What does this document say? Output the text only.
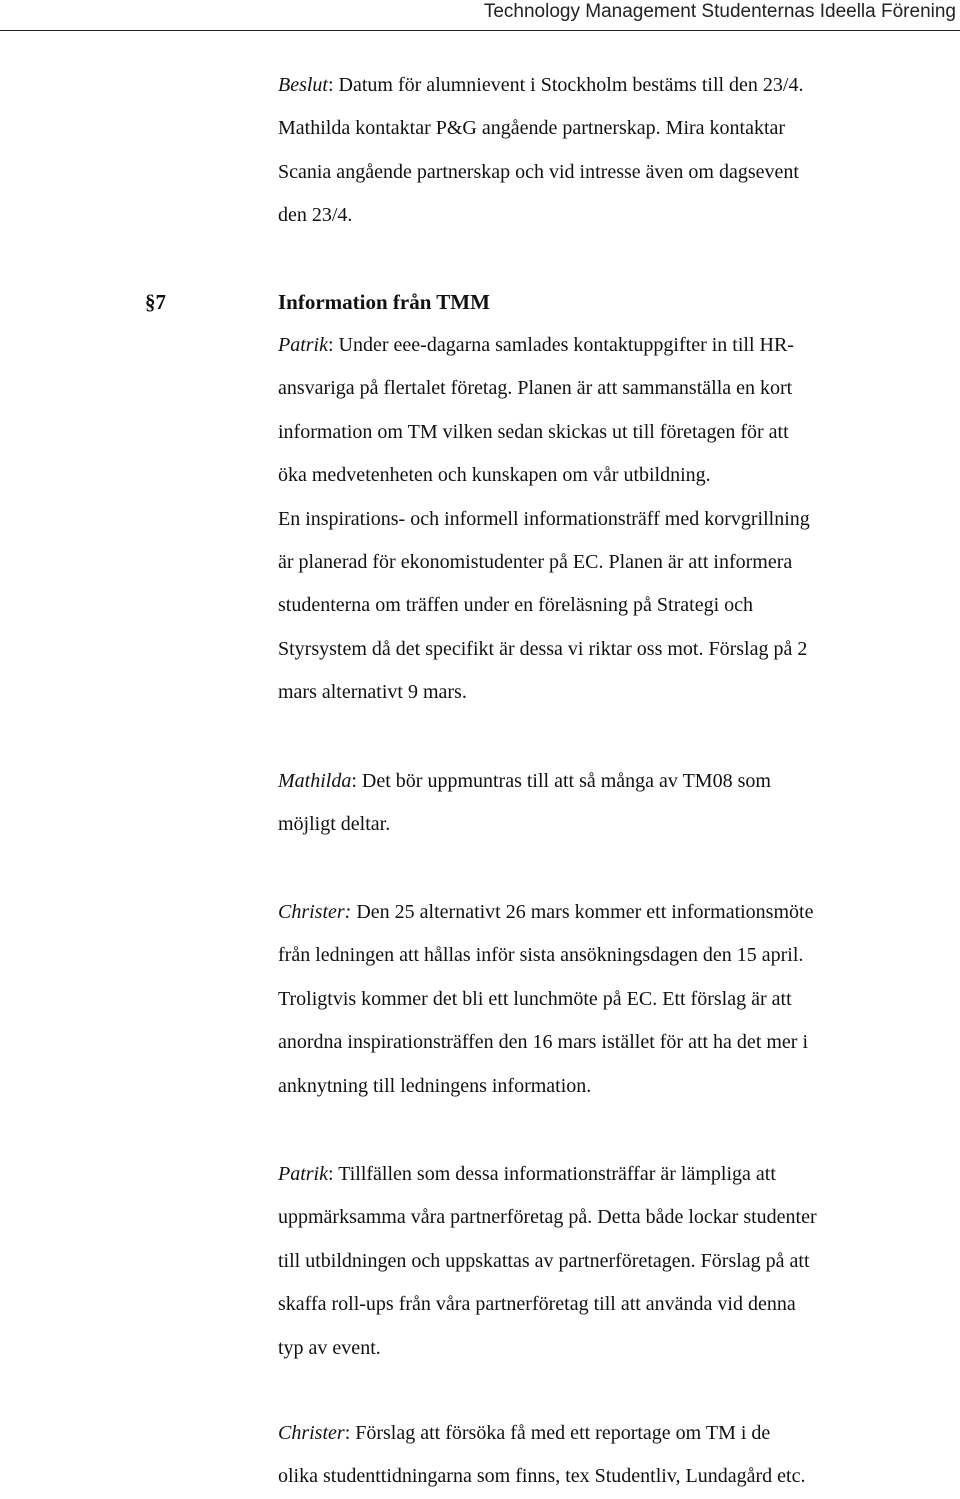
Technology Management Studenternas Ideella Förening
Beslut: Datum för alumnievent i Stockholm bestäms till den 23/4.
Mathilda kontaktar P&G angående partnerskap. Mira kontaktar
Scania angående partnerskap och vid intresse även om dagsevent
den 23/4.
§7	Information från TMM
Patrik: Under eee-dagarna samlades kontaktuppgifter in till HR-
ansvariga på flertalet företag. Planen är att sammanställa en kort
information om TM vilken sedan skickas ut till företagen för att
öka medvetenheten och kunskapen om vår utbildning.
En inspirations- och informell informationsträff med korvgrillning
är planerad för ekonomistudenter på EC. Planen är att informera
studenterna om träffen under en föreläsning på Strategi och
Styrsystem då det specifikt är dessa vi riktar oss mot. Förslag på 2
mars alternativt 9 mars.
Mathilda: Det bör uppmuntras till att så många av TM08 som
möjligt deltar.
Christer: Den 25 alternativt 26 mars kommer ett informationsmöte
från ledningen att hållas inför sista ansökningsdagen den 15 april.
Troligtvis kommer det bli ett lunchmöte på EC. Ett förslag är att
anordna inspirationsträffen den 16 mars istället för att ha det mer i
anknytning till ledningens information.
Patrik: Tillfällen som dessa informationsträffar är lämpliga att
uppmärksamma våra partnerföretag på. Detta både lockar studenter
till utbildningen och uppskattas av partnerföretagen. Förslag på att
skaffa roll-ups från våra partnerföretag till att använda vid denna
typ av event.
Christer: Förslag att försöka få med ett reportage om TM i de
olika studenttidningarna som finns, tex Studentliv, Lundagård etc.
